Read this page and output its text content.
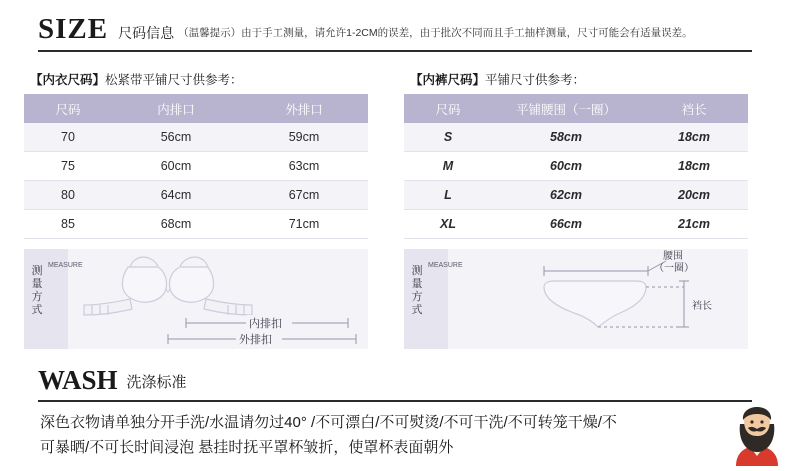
SIZE 尺码信息 （温馨提示）由于手工测量，请允许1-2CM的误差，由于批次不同而且手工抽样测量，尺寸可能会有适量误差。
【内衣尺码】松紧带平铺尺寸供参考：
尺码	内排口	外排口
70	56cm	59cm
75	60cm	63cm
80	64cm	67cm
85	68cm	71cm
测量方式
MEASURE
内排扣
外排扣
【内裤尺码】平铺尺寸供参考：
尺码	平铺腰围（一圈）	裆长
S	58cm	18cm
M	60cm	18cm
L	62cm	20cm
XL	66cm	21cm
测量方式
MEASURE
腰围
（一圈）
裆长
WASH 洗涤标准
深色衣物请单独分开手洗/水温请勿过40° /不可漂白/不可熨烫/不可干洗/不可转笼干燥/不
可暴晒/不可长时间浸泡 悬挂时抚平罩杯皱折，使罩杯表面朝外
